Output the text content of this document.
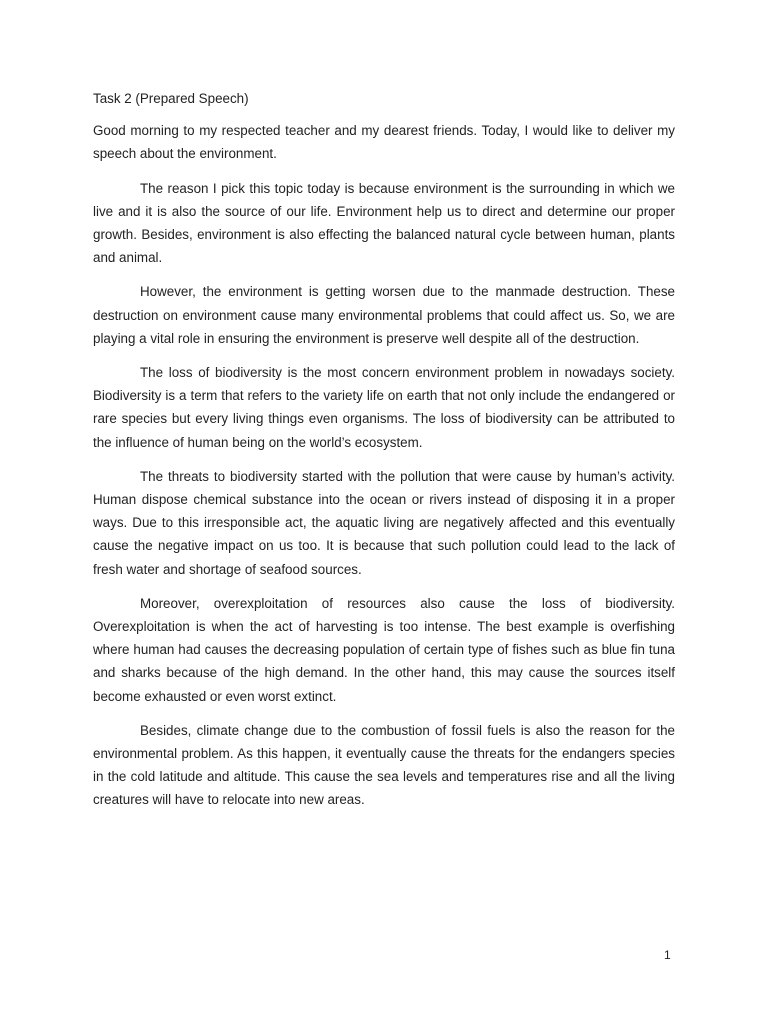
Task 2 (Prepared Speech)

Good morning to my respected teacher and my dearest friends. Today, I would like to deliver my speech about the environment.

The reason I pick this topic today is because environment is the surrounding in which we live and it is also the source of our life. Environment help us to direct and determine our proper growth. Besides, environment is also effecting the balanced natural cycle between human, plants and animal.

However, the environment is getting worsen due to the manmade destruction. These destruction on environment cause many environmental problems that could affect us. So, we are playing a vital role in ensuring the environment is preserve well despite all of the destruction.

The loss of biodiversity is the most concern environment problem in nowadays society. Biodiversity is a term that refers to the variety life on earth that not only include the endangered or rare species but every living things even organisms. The loss of biodiversity can be attributed to the influence of human being on the world’s ecosystem.

The threats to biodiversity started with the pollution that were cause by human’s activity. Human dispose chemical substance into the ocean or rivers instead of disposing it in a proper ways. Due to this irresponsible act, the aquatic living are negatively affected and this eventually cause the negative impact on us too. It is because that such pollution could lead to the lack of fresh water and shortage of seafood sources.

Moreover, overexploitation of resources also cause the loss of biodiversity. Overexploitation is when the act of harvesting is too intense. The best example is overfishing where human had causes the decreasing population of certain type of fishes such as blue fin tuna and sharks because of the high demand. In the other hand, this may cause the sources itself become exhausted or even worst extinct.

Besides, climate change due to the combustion of fossil fuels is also the reason for the environmental problem. As this happen, it eventually cause the threats for the endangers species in the cold latitude and altitude. This cause the sea levels and temperatures rise and all the living creatures will have to relocate into new areas.

1
